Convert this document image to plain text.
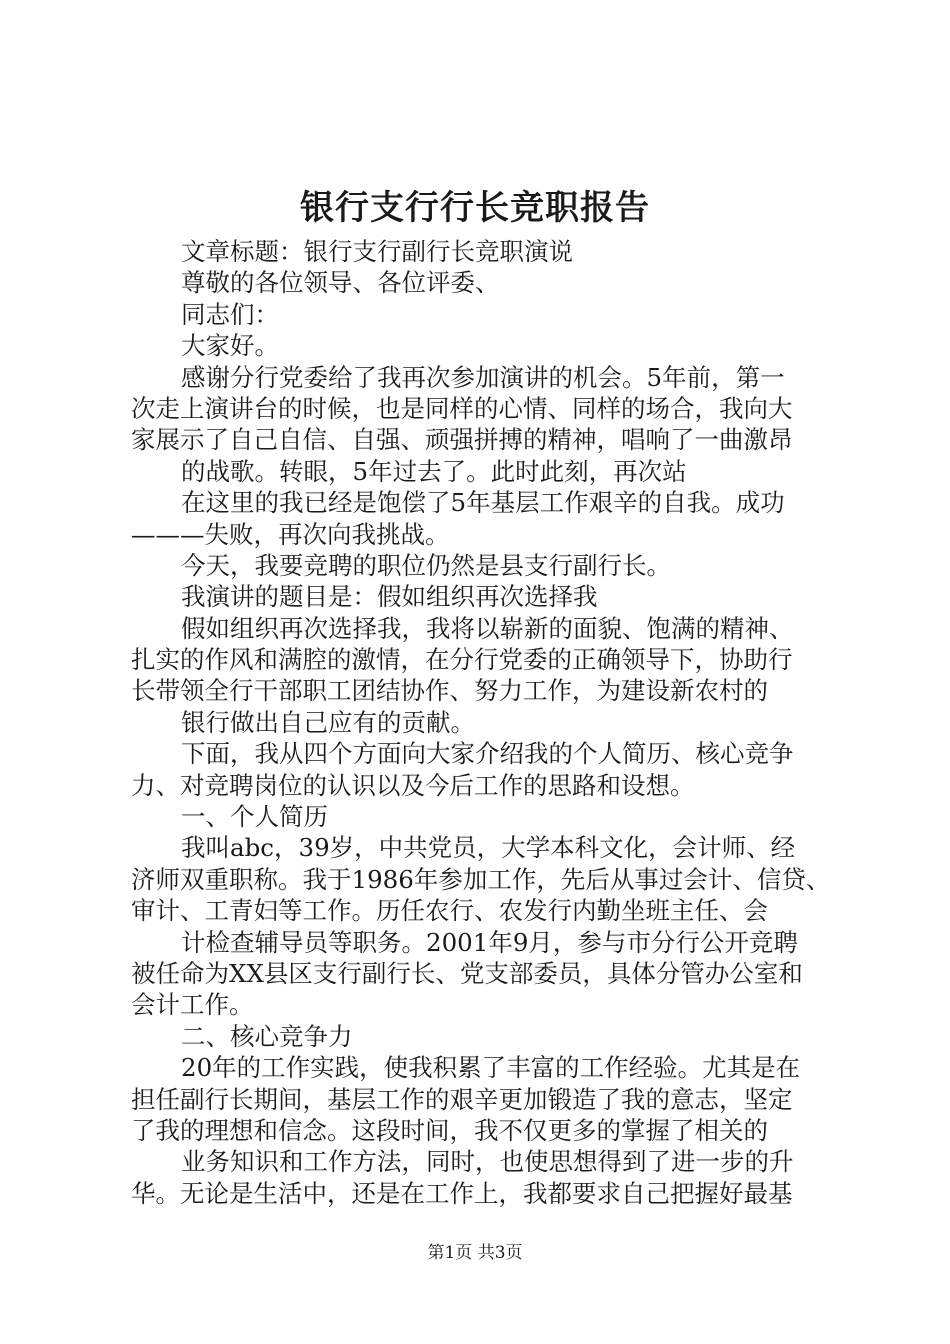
银行支行行长竞职报告
文章标题：银行支行副行长竞职演说
尊敬的各位领导、各位评委、
同志们：
大家好。
感谢分行党委给了我再次参加演讲的机会。5年前，第一
次走上演讲台的时候，也是同样的心情、同样的场合，我向大
家展示了自己自信、自强、顽强拼搏的精神，唱响了一曲激昂
的战歌。转眼，5年过去了。此时此刻，再次站
在这里的我已经是饱偿了5年基层工作艰辛的自我。成功
———失败，再次向我挑战。
今天，我要竞聘的职位仍然是县支行副行长。
我演讲的题目是：假如组织再次选择我
假如组织再次选择我，我将以崭新的面貌、饱满的精神、
扎实的作风和满腔的激情，在分行党委的正确领导下，协助行
长带领全行干部职工团结协作、努力工作，为建设新农村的
银行做出自己应有的贡献。
下面，我从四个方面向大家介绍我的个人简历、核心竞争
力、对竞聘岗位的认识以及今后工作的思路和设想。
一、个人简历
我叫abc，39岁，中共党员，大学本科文化，会计师、经
济师双重职称。我于1986年参加工作，先后从事过会计、信贷、
审计、工青妇等工作。历任农行、农发行内勤坐班主任、会
计检查辅导员等职务。2001年9月，参与市分行公开竞聘
被任命为XX县区支行副行长、党支部委员，具体分管办公室和
会计工作。
二、核心竞争力
20年的工作实践，使我积累了丰富的工作经验。尤其是在
担任副行长期间，基层工作的艰辛更加锻造了我的意志，坚定
了我的理想和信念。这段时间，我不仅更多的掌握了相关的
业务知识和工作方法，同时，也使思想得到了进一步的升
华。无论是生活中，还是在工作上，我都要求自己把握好最基
第1页 共3页
